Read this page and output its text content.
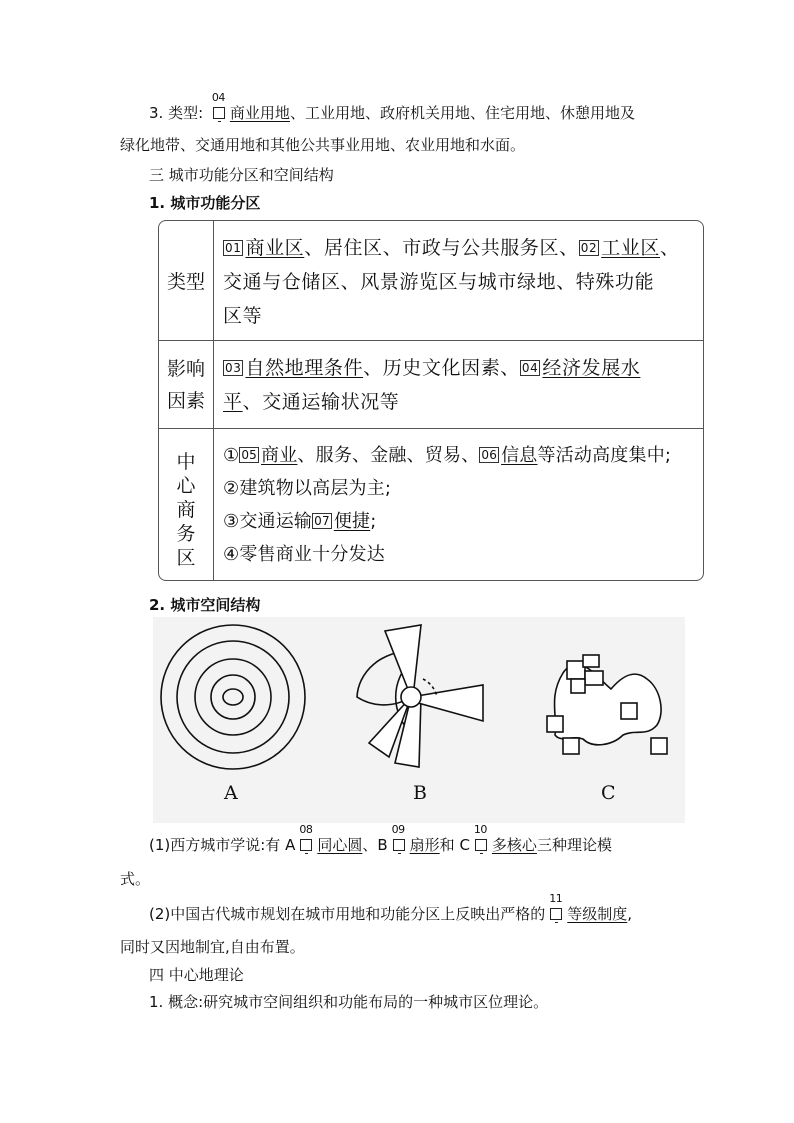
3. 类型:
04
商业用地、工业用地、政府机关用地、住宅用地、休憩用地及
绿化地带、交通用地和其他公共事业用地、农业用地和水面。
三 城市功能分区和空间结构
1. 城市功能分区
类型
01 商业区、居住区、市政与公共服务区、 02 工业区、
交通与仓储区、风景游览区与城市绿地、特殊功能
区等
影响
因素
03 自然地理条件、历史文化因素、 04 经济发展水
平、交通运输状况等
中
心
商
务
区
① 05 商业、服务、金融、贸易、 06 信息等活动高度集中;
②建筑物以高层为主;
③交通运输 07 便捷;
④零售商业十分发达
2. 城市空间结构
A	B	C
(1)西方城市学说:有 A
08
同心圆、B
09
扇形和 C
10
多核心三种理论模
式。
(2)中国古代城市规划在城市用地和功能分区上反映出严格的
11
等级制度,
同时又因地制宜,自由布置。
四 中心地理论
1. 概念:研究城市空间组织和功能布局的一种城市区位理论。
